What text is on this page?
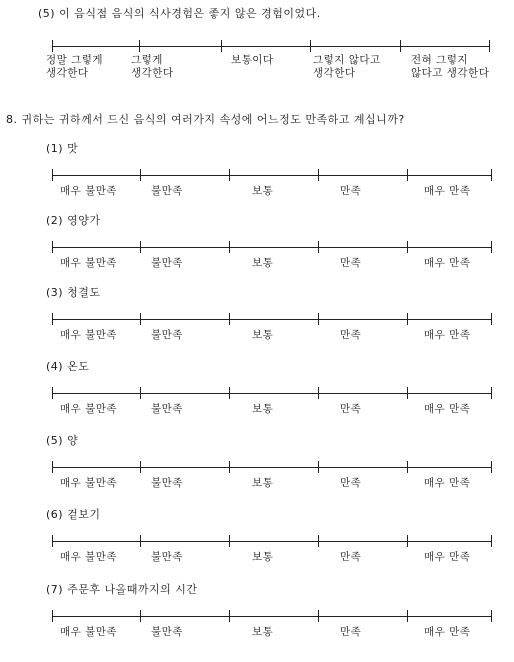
(5) 이 음식점 음식의 식사경험은 좋지 않은 경험이었다.
정말 그렇게
생각한다
그렇게
생각한다
보통이다	그렇지 않다고
생각한다
전혀 그렇지
않다고 생각한다
8. 귀하는 귀하께서 드신 음식의 여러가지 속성에 어느정도 만족하고 계십니까?
(1) 맛
매우 불만족	불만족	보통	만족	매우 만족
(2) 영양가
매우 불만족	불만족	보통	만족	매우 만족
(3) 청결도
매우 불만족	불만족	보통	만족	매우 만족
(4) 온도
매우 불만족	불만족	보통	만족	매우 만족
(5) 양
매우 불만족	불만족	보통	만족	매우 만족
(6) 겉보기
매우 불만족	불만족	보통	만족	매우 만족
(7) 주문후 나올때까지의 시간
매우 불만족	불만족	보통	만족	매우 만족
